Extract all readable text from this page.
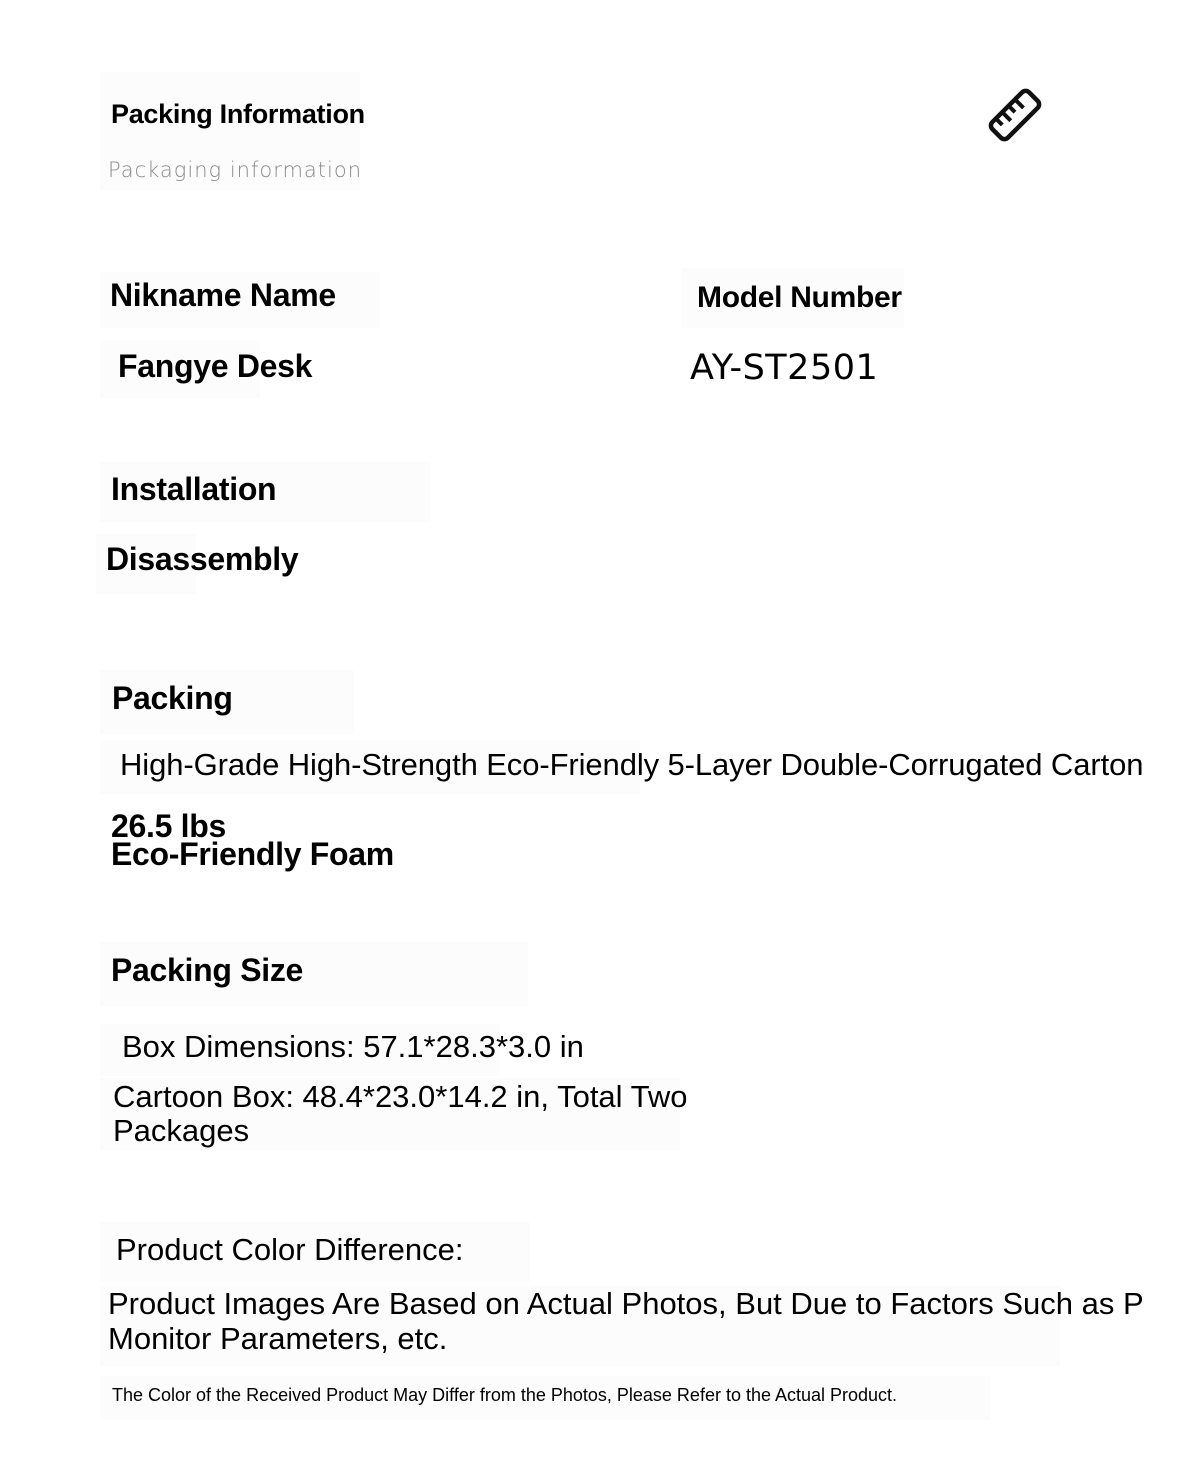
Packing Information
Packaging information
Nikname Name
Fangye Desk
Model Number
AY-ST2501
Installation
Disassembly
Packing
High-Grade High-Strength Eco-Friendly 5-Layer Double-Corrugated Carton
26.5 lbs
Eco-Friendly Foam
Packing Size
Box Dimensions: 57.1*28.3*3.0 in
Cartoon Box: 48.4*23.0*14.2 in, Total Two
Packages
Product Color Difference:
Product Images Are Based on Actual Photos, But Due to Factors Such as P
Monitor Parameters, etc.
The Color of the Received Product May Differ from the Photos, Please Refer to the Actual Product.
